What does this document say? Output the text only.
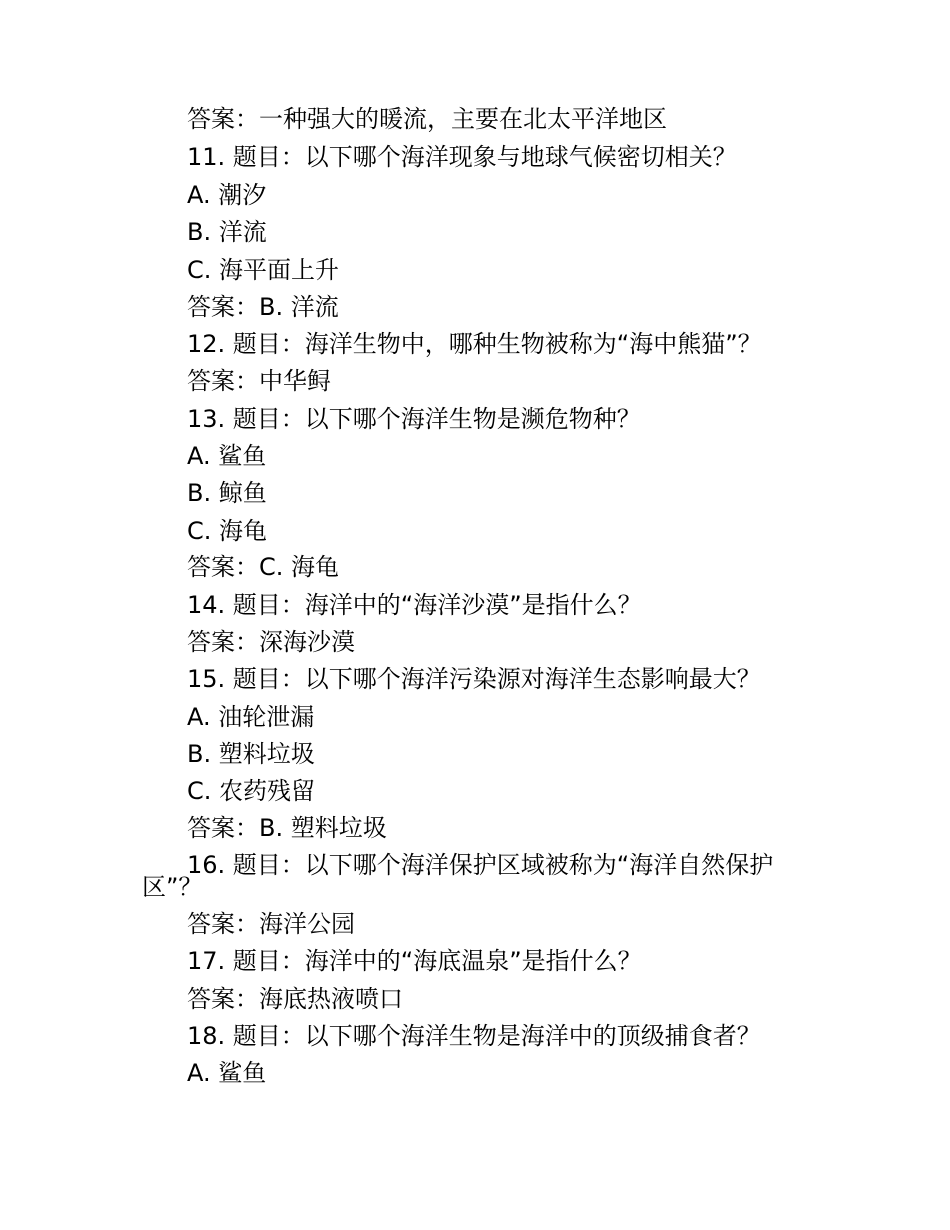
答案：一种强大的暖流，主要在北太平洋地区
11. 题目：以下哪个海洋现象与地球气候密切相关？
A. 潮汐
B. 洋流
C. 海平面上升
答案：B. 洋流
12. 题目：海洋生物中，哪种生物被称为“海中熊猫”？
答案：中华鲟
13. 题目：以下哪个海洋生物是濒危物种？
A. 鲨鱼
B. 鲸鱼
C. 海龟
答案：C. 海龟
14. 题目：海洋中的“海洋沙漠”是指什么？
答案：深海沙漠
15. 题目：以下哪个海洋污染源对海洋生态影响最大？
A. 油轮泄漏
B. 塑料垃圾
C. 农药残留
答案：B. 塑料垃圾
16. 题目：以下哪个海洋保护区域被称为“海洋自然保护
区”？
答案：海洋公园
17. 题目：海洋中的“海底温泉”是指什么？
答案：海底热液喷口
18. 题目：以下哪个海洋生物是海洋中的顶级捕食者？
A. 鲨鱼
